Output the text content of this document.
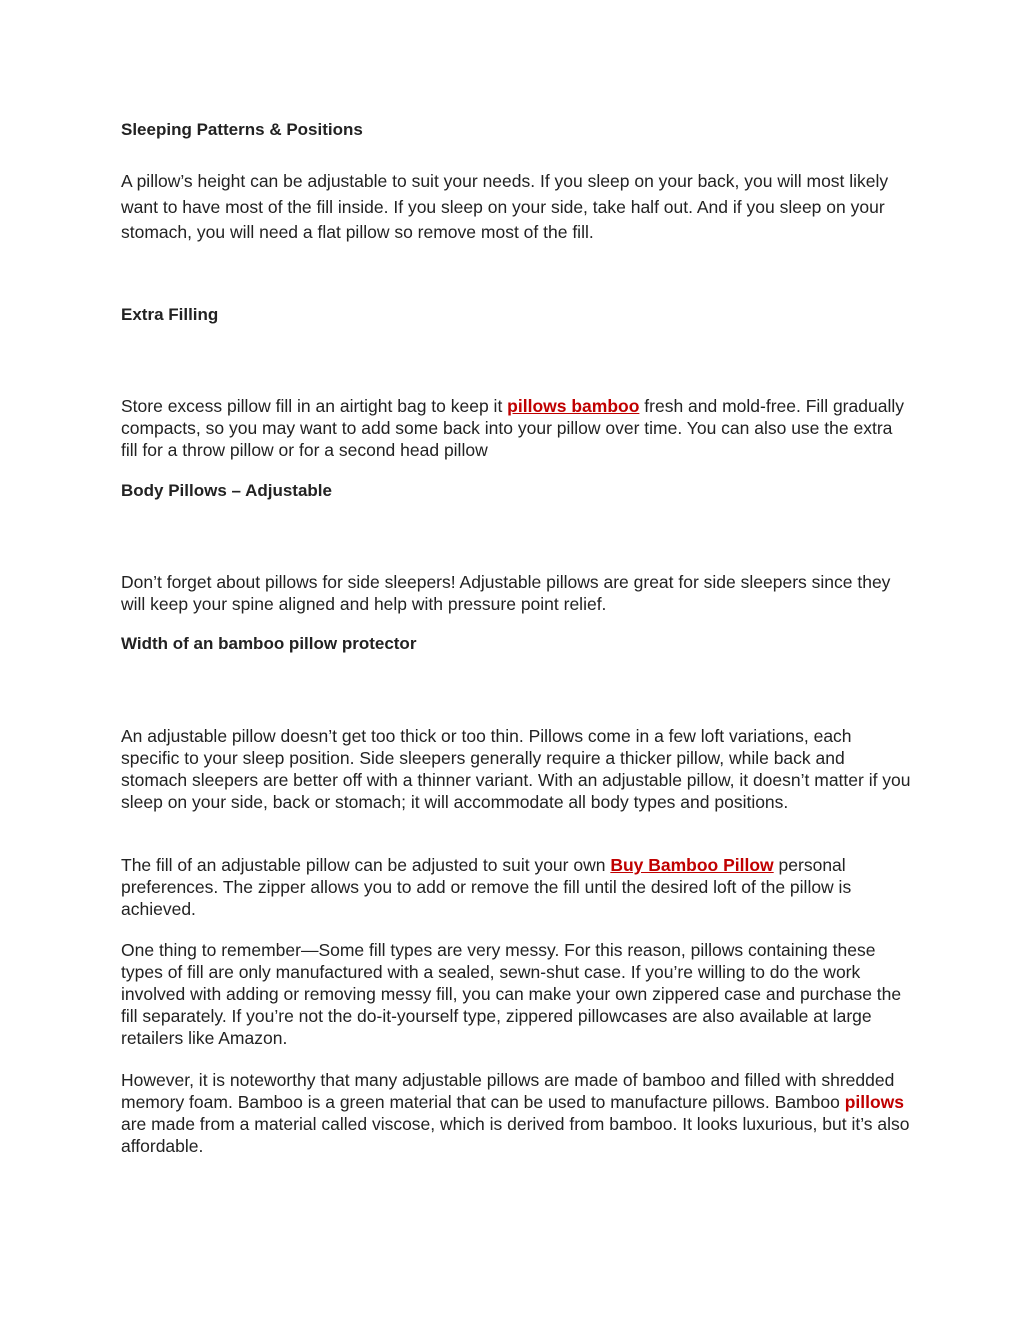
Sleeping Patterns & Positions

A pillow’s height can be adjustable to suit your needs. If you sleep on your back, you will most likely want to have most of the fill inside. If you sleep on your side, take half out. And if you sleep on your stomach, you will need a flat pillow so remove most of the fill.

Extra Filling

Store excess pillow fill in an airtight bag to keep it pillows bamboo fresh and mold-free. Fill gradually compacts, so you may want to add some back into your pillow over time. You can also use the extra fill for a throw pillow or for a second head pillow

Body Pillows – Adjustable

Don’t forget about pillows for side sleepers! Adjustable pillows are great for side sleepers since they will keep your spine aligned and help with pressure point relief.

Width of an bamboo pillow protector

An adjustable pillow doesn’t get too thick or too thin. Pillows come in a few loft variations, each specific to your sleep position. Side sleepers generally require a thicker pillow, while back and stomach sleepers are better off with a thinner variant. With an adjustable pillow, it doesn’t matter if you sleep on your side, back or stomach; it will accommodate all body types and positions.

The fill of an adjustable pillow can be adjusted to suit your own Buy Bamboo Pillow personal preferences. The zipper allows you to add or remove the fill until the desired loft of the pillow is achieved.

One thing to remember—Some fill types are very messy. For this reason, pillows containing these types of fill are only manufactured with a sealed, sewn-shut case. If you’re willing to do the work involved with adding or removing messy fill, you can make your own zippered case and purchase the fill separately. If you’re not the do-it-yourself type, zippered pillowcases are also available at large retailers like Amazon.

However, it is noteworthy that many adjustable pillows are made of bamboo and filled with shredded memory foam. Bamboo is a green material that can be used to manufacture pillows. Bamboo pillows are made from a material called viscose, which is derived from bamboo. It looks luxurious, but it’s also affordable.
